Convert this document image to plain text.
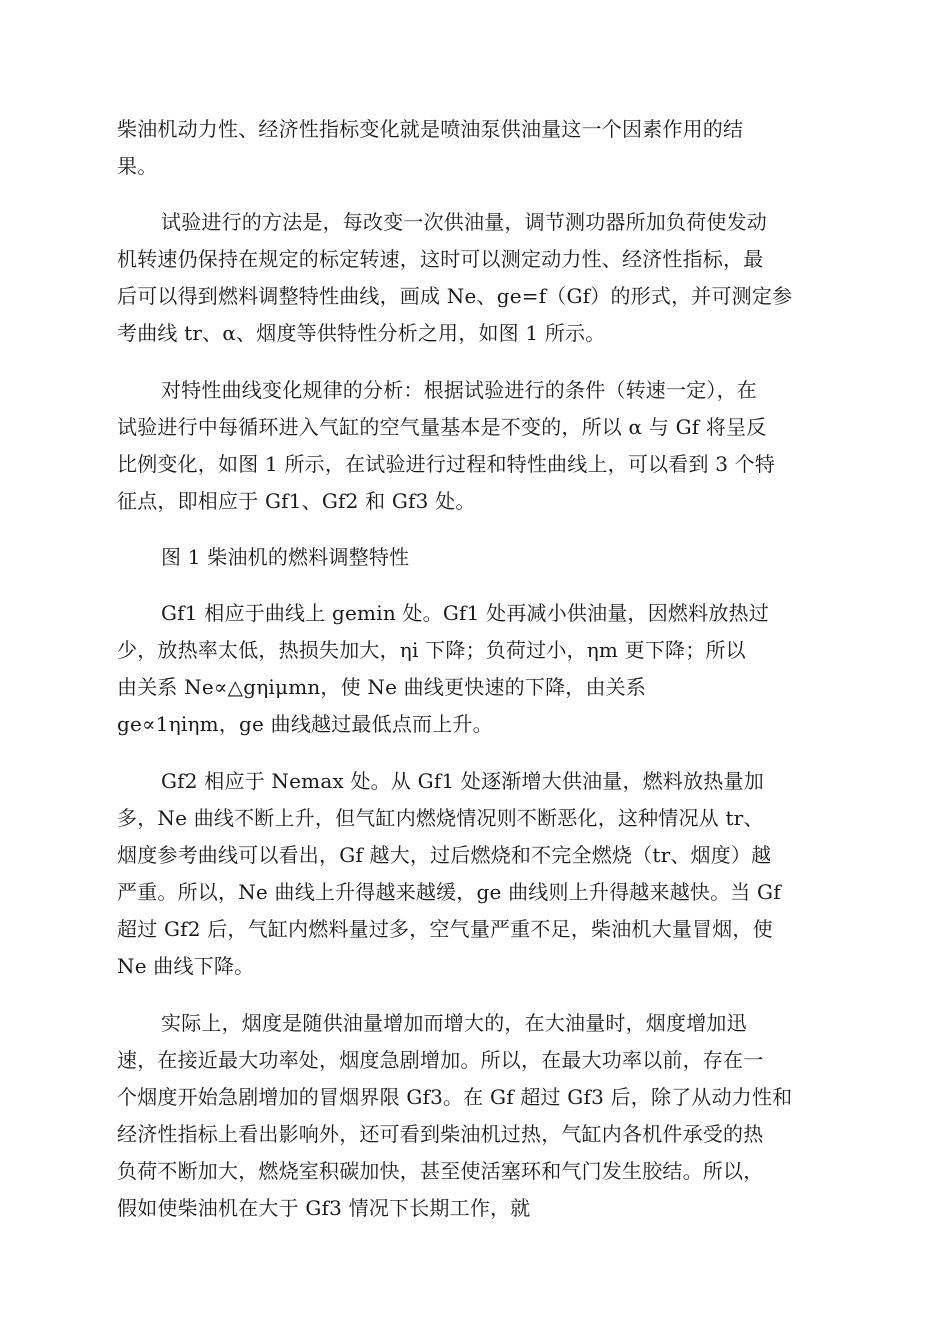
柴油机动力性、经济性指标变化就是喷油泵供油量这一个因素作用的结

果。

试验进行的方法是，每改变一次供油量，调节测功器所加负荷使发动

机转速仍保持在规定的标定转速，这时可以测定动力性、经济性指标，最

后可以得到燃料调整特性曲线，画成 Ne、ge=f（Gf）的形式，并可测定参

考曲线 tr、α、烟度等供特性分析之用，如图 1 所示。

对特性曲线变化规律的分析：根据试验进行的条件（转速一定），在

试验进行中每循环进入气缸的空气量基本是不变的，所以 α 与 Gf 将呈反

比例变化，如图 1 所示，在试验进行过程和特性曲线上，可以看到 3 个特

征点，即相应于 Gf1、Gf2 和 Gf3 处。

图 1 柴油机的燃料调整特性

Gf1 相应于曲线上 gemin 处。Gf1 处再减小供油量，因燃料放热过

少，放热率太低，热损失加大，ηi 下降；负荷过小，ηm 更下降；所以

由关系 Ne∝△gηiμmn，使 Ne 曲线更快速的下降，由关系

ge∝1ηiηm，ge 曲线越过最低点而上升。

Gf2 相应于 Nemax 处。从 Gf1 处逐渐增大供油量，燃料放热量加

多，Ne 曲线不断上升，但气缸内燃烧情况则不断恶化，这种情况从 tr、

烟度参考曲线可以看出，Gf 越大，过后燃烧和不完全燃烧（tr、烟度）越

严重。所以，Ne 曲线上升得越来越缓，ge 曲线则上升得越来越快。当 Gf

超过 Gf2 后，气缸内燃料量过多，空气量严重不足，柴油机大量冒烟，使

Ne 曲线下降。

实际上，烟度是随供油量增加而增大的，在大油量时，烟度增加迅

速，在接近最大功率处，烟度急剧增加。所以，在最大功率以前，存在一

个烟度开始急剧增加的冒烟界限 Gf3。在 Gf 超过 Gf3 后，除了从动力性和

经济性指标上看出影响外，还可看到柴油机过热，气缸内各机件承受的热

负荷不断加大，燃烧室积碳加快，甚至使活塞环和气门发生胶结。所以，

假如使柴油机在大于 Gf3 情况下长期工作，就
